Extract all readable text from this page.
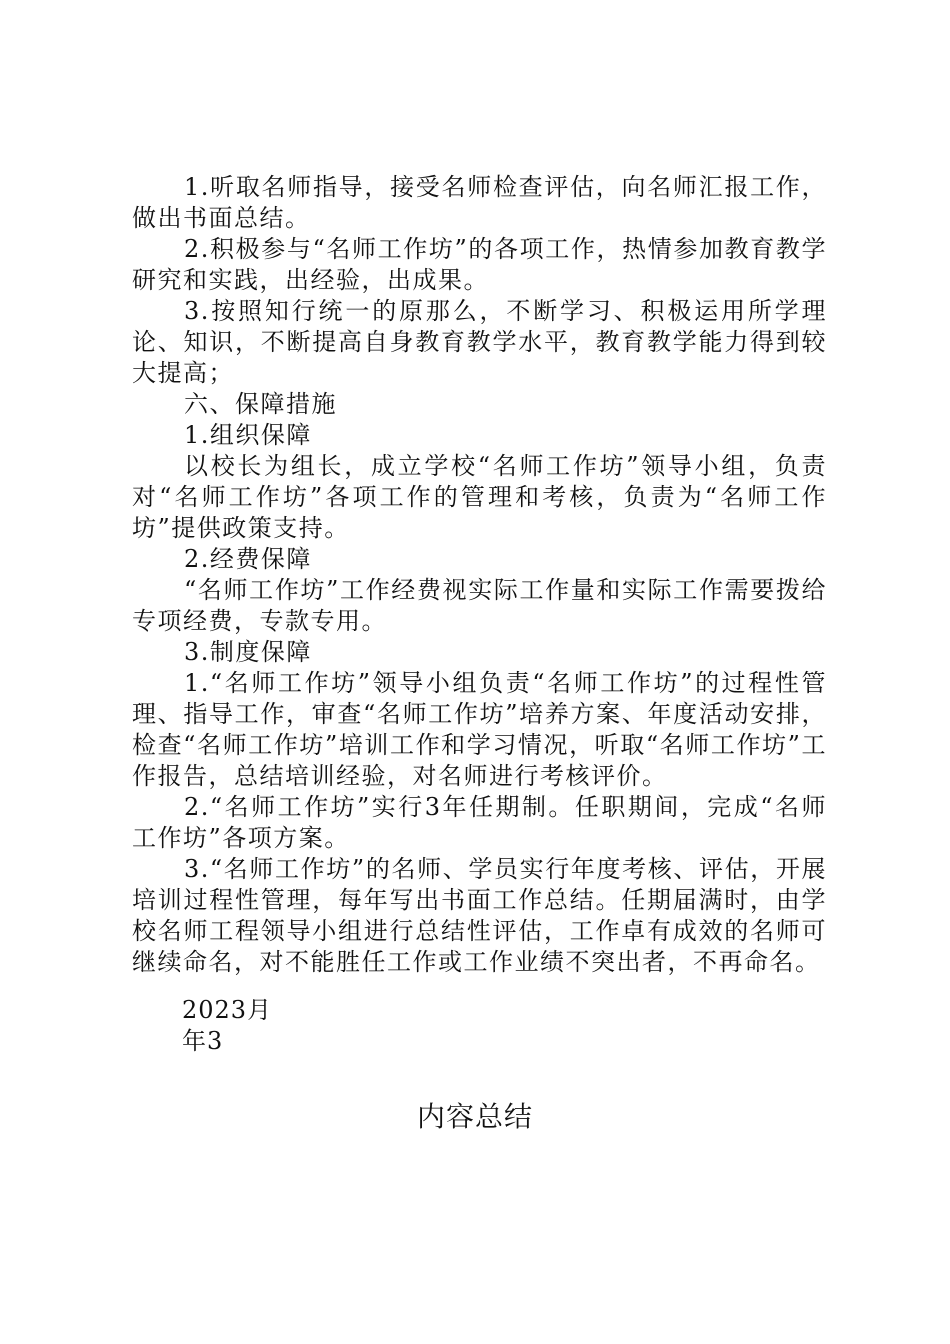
1.听取名师指导，接受名师检查评估，向名师汇报工作，做出书面总结。

2.积极参与“名师工作坊”的各项工作，热情参加教育教学研究和实践，出经验，出成果。

3.按照知行统一的原那么，不断学习、积极运用所学理论、知识，不断提高自身教育教学水平，教育教学能力得到较大提高；

六、保障措施

1.组织保障

以校长为组长，成立学校“名师工作坊”领导小组，负责对“名师工作坊”各项工作的管理和考核，负责为“名师工作坊”提供政策支持。

2.经费保障

“名师工作坊”工作经费视实际工作量和实际工作需要拨给专项经费，专款专用。

3.制度保障

1.“名师工作坊”领导小组负责“名师工作坊”的过程性管理、指导工作，审查“名师工作坊”培养方案、年度活动安排，检查“名师工作坊”培训工作和学习情况，听取“名师工作坊”工作报告，总结培训经验，对名师进行考核评价。

2.“名师工作坊”实行3年任期制。任职期间，完成“名师工作坊”各项方案。

3.“名师工作坊”的名师、学员实行年度考核、评估，开展培训过程性管理，每年写出书面工作总结。任期届满时，由学校名师工程领导小组进行总结性评估，工作卓有成效的名师可继续命名，对不能胜任工作或工作业绩不突出者，不再命名。

2023月
年3
内容总结
